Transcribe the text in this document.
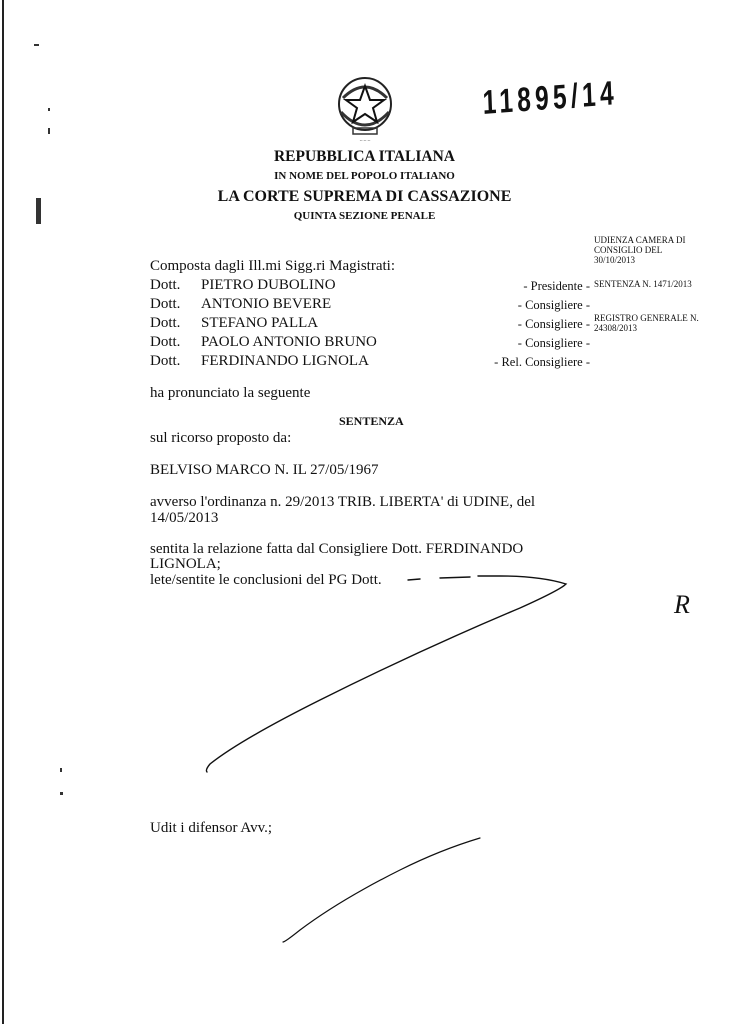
~ ~ ~
11895/14
REPUBBLICA ITALIANA
IN NOME DEL POPOLO ITALIANO
LA CORTE SUPREMA DI CASSAZIONE
QUINTA SEZIONE PENALE
UDIENZA CAMERA DI CONSIGLIO DEL 30/10/2013
SENTENZA N. 1471/2013
REGISTRO GENERALE N. 24308/2013
Composta dagli Ill.mi Sigg.ri Magistrati:
Dott. PIETRO DUBOLINO	- Presidente -
Dott. ANTONIO BEVERE	- Consigliere -
Dott. STEFANO PALLA	- Consigliere -
Dott. PAOLO ANTONIO BRUNO	- Consigliere -
Dott. FERDINANDO LIGNOLA	- Rel. Consigliere -
ha pronunciato la seguente
SENTENZA
sul ricorso proposto da:
BELVISO MARCO N. IL 27/05/1967
avverso l'ordinanza n. 29/2013 TRIB. LIBERTA' di UDINE, del
14/05/2013
sentita la relazione fatta dal Consigliere Dott. FERDINANDO
LIGNOLA;
lete/sentite le conclusioni del PG Dott.
Udit i difensor Avv.;
R
